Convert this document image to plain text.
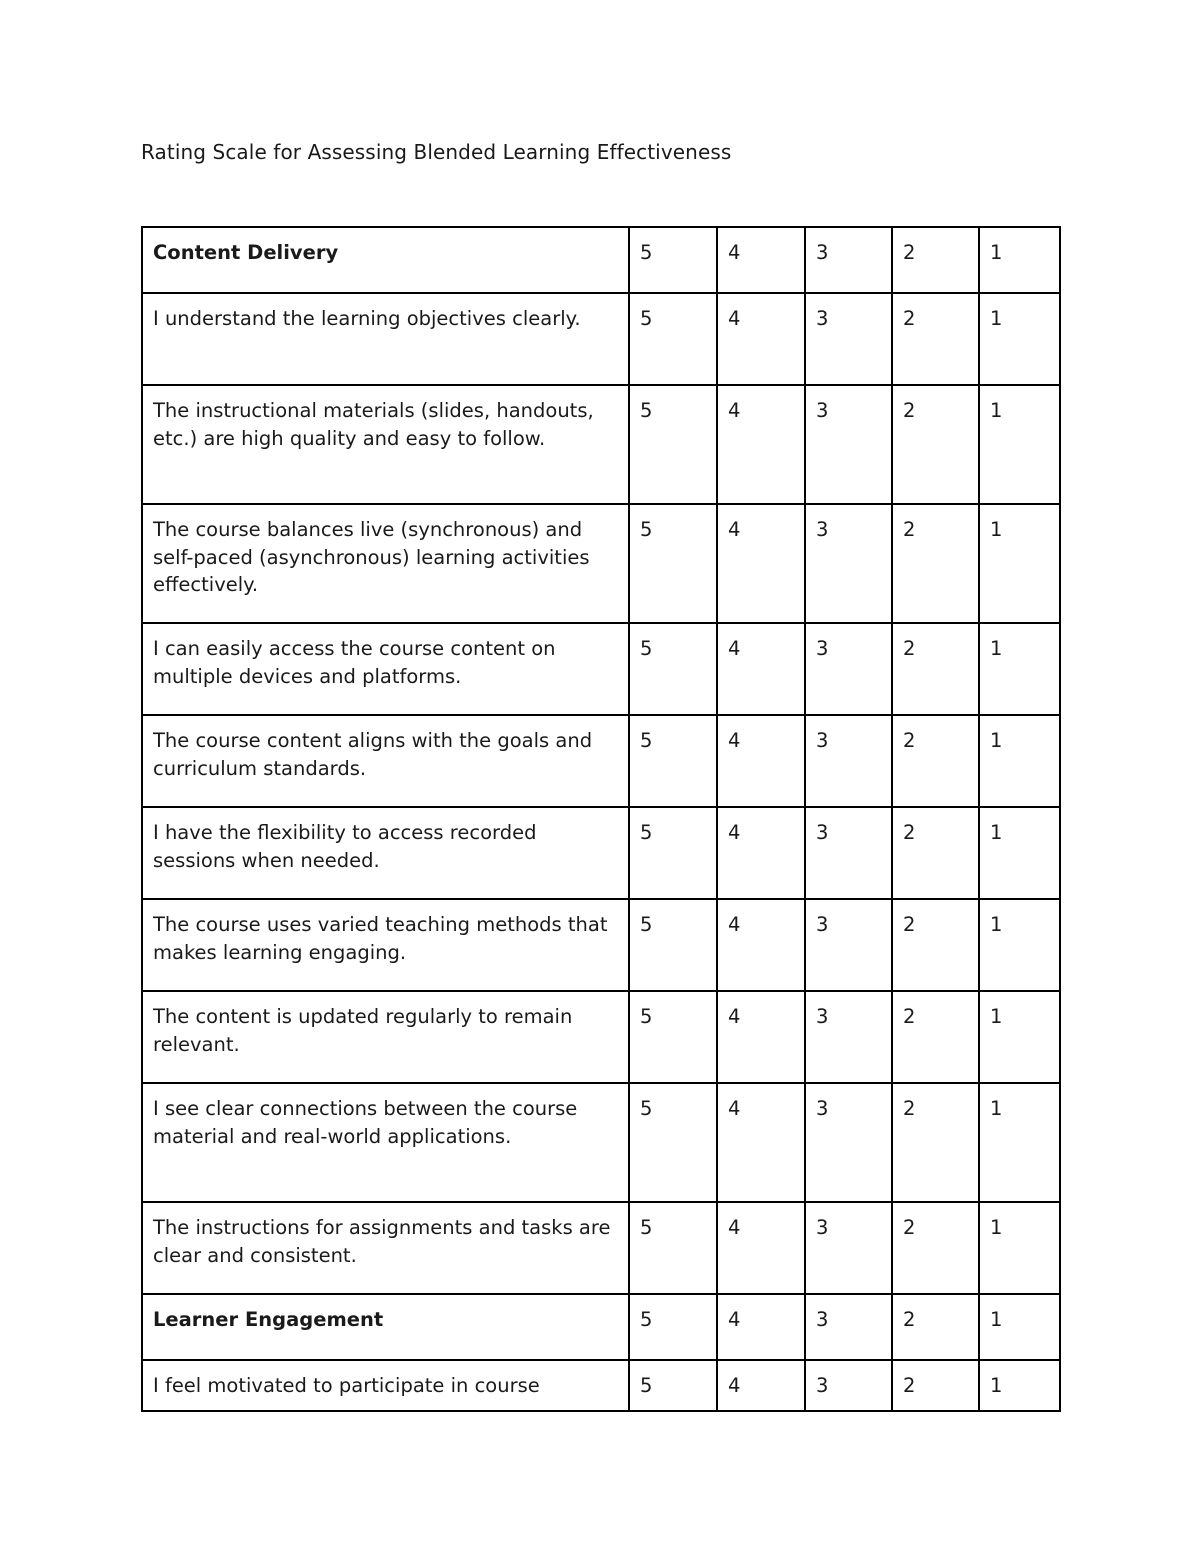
Rating Scale for Assessing Blended Learning Effectiveness
Content Delivery	5	4	3	2	1
I understand the learning objectives clearly.	5	4	3	2	1
The instructional materials (slides, handouts, etc.) are high quality and easy to follow.	5	4	3	2	1
The course balances live (synchronous) and self-paced (asynchronous) learning activities effectively.	5	4	3	2	1
I can easily access the course content on multiple devices and platforms.	5	4	3	2	1
The course content aligns with the goals and curriculum standards.	5	4	3	2	1
I have the flexibility to access recorded sessions when needed.	5	4	3	2	1
The course uses varied teaching methods that makes learning engaging.	5	4	3	2	1
The content is updated regularly to remain relevant.	5	4	3	2	1
I see clear connections between the course material and real-world applications.	5	4	3	2	1
The instructions for assignments and tasks are clear and consistent.	5	4	3	2	1
Learner Engagement	5	4	3	2	1
I feel motivated to participate in course	5	4	3	2	1
